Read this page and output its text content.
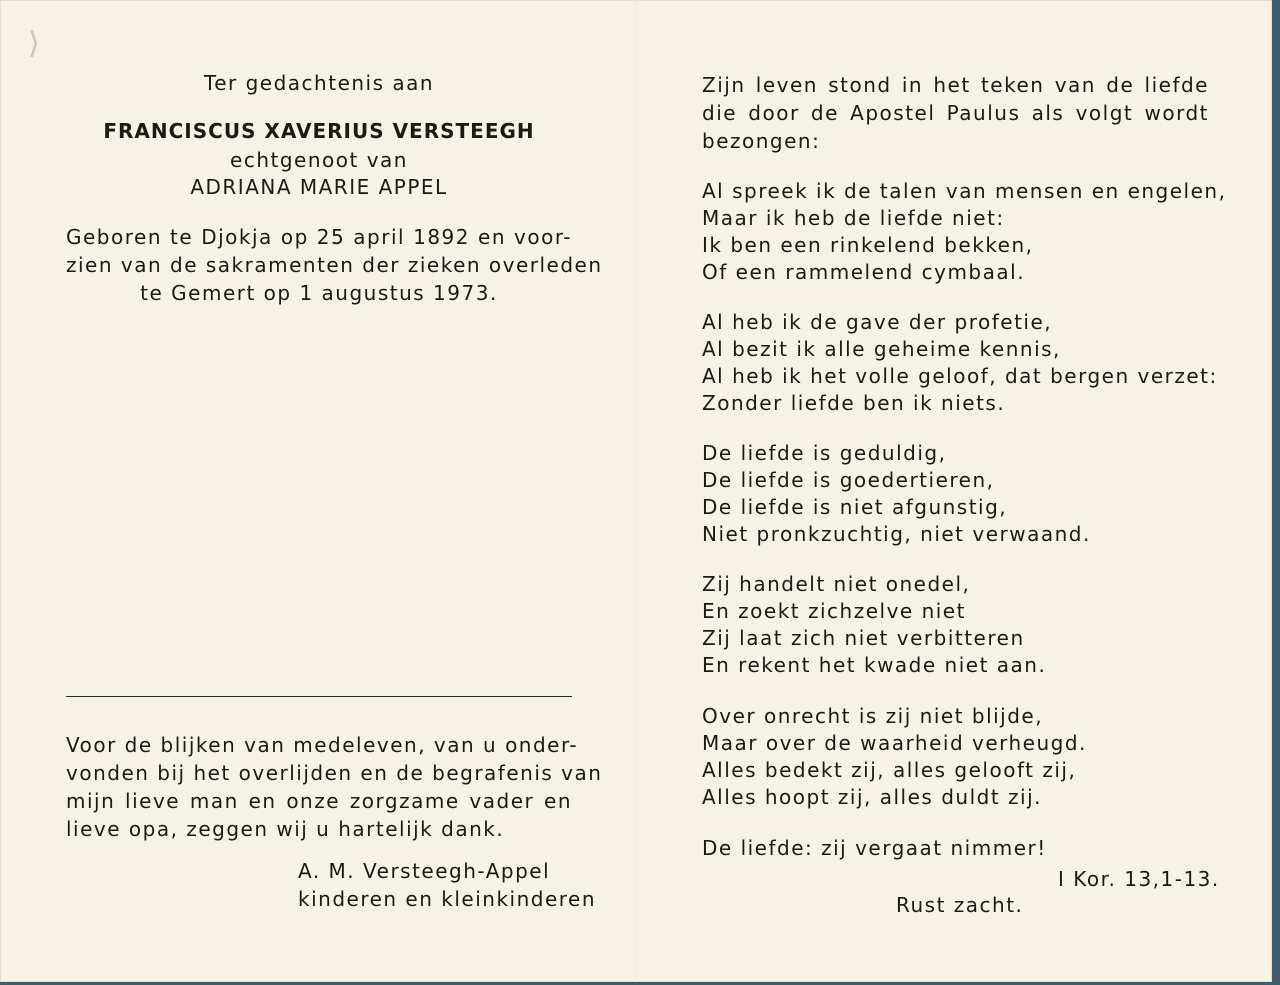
⟩
Ter gedachtenis aan
FRANCISCUS XAVERIUS VERSTEEGH
echtgenoot van
ADRIANA MARIE APPEL
Geboren te Djokja op 25 april 1892 en voor-
zien van de sakramenten der zieken overleden
te Gemert op 1 augustus 1973.
Voor de blijken van medeleven, van u onder-
vonden bij het overlijden en de begrafenis van
mijn lieve man en onze zorgzame vader en
lieve opa, zeggen wij u hartelijk dank.
A. M. Versteegh-Appel
kinderen en kleinkinderen
Zijn leven stond in het teken van de liefde
die door de Apostel Paulus als volgt wordt
bezongen:
Al spreek ik de talen van mensen en engelen,
Maar ik heb de liefde niet:
Ik ben een rinkelend bekken,
Of een rammelend cymbaal.
Al heb ik de gave der profetie,
Al bezit ik alle geheime kennis,
Al heb ik het volle geloof, dat bergen verzet:
Zonder liefde ben ik niets.
De liefde is geduldig,
De liefde is goedertieren,
De liefde is niet afgunstig,
Niet pronkzuchtig, niet verwaand.
Zij handelt niet onedel,
En zoekt zichzelve niet
Zij laat zich niet verbitteren
En rekent het kwade niet aan.
Over onrecht is zij niet blijde,
Maar over de waarheid verheugd.
Alles bedekt zij, alles gelooft zij,
Alles hoopt zij, alles duldt zij.
De liefde: zij vergaat nimmer!
I Kor. 13,1-13.
Rust zacht.
